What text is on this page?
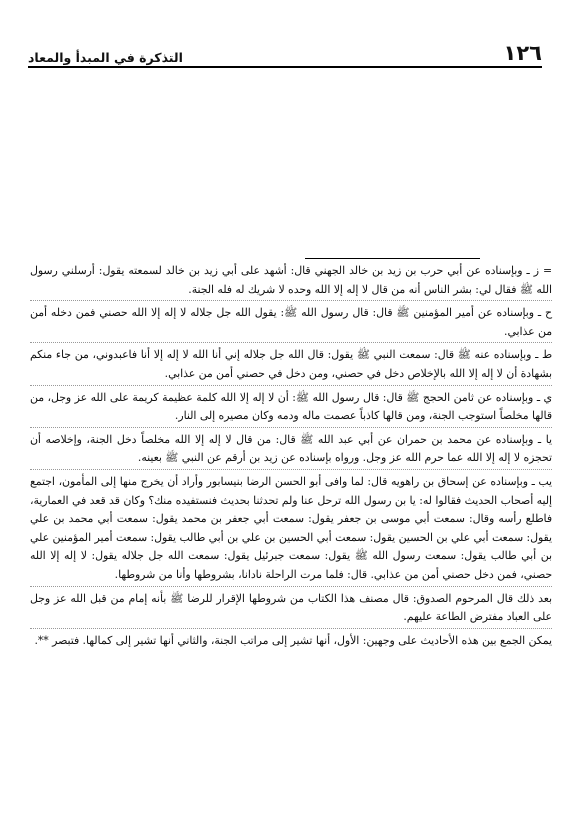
١٢٦
التذكرة في المبدأ والمعاد

= ز ـ وبإسناده عن أبي حرب بن زيد بن خالد الجهني قال: أشهد على أبي زيد بن خالد لسمعته يقول: أرسلني رسول الله ﷺ فقال لي: بشر الناس أنه من قال لا إله إلا الله وحده لا شريك له فله الجنة.

ح ـ وبإسناده عن أمير المؤمنين ﷺ قال: قال رسول الله ﷺ: يقول الله جل جلاله لا إله إلا الله حصني فمن دخله أمن من عذابي.

ط ـ وبإسناده عنه ﷺ قال: سمعت النبي ﷺ يقول: قال الله جل جلاله إني أنا الله لا إله إلا أنا فاعبدوني، من جاء منكم بشهادة أن لا إله إلا الله بالإخلاص دخل في حصني، ومن دخل في حصني أمن من عذابي.

ي ـ وبإسناده عن ثامن الحجج ﷺ قال: قال رسول الله ﷺ: أن لا إله إلا الله كلمة عظيمة كريمة على الله عز وجل، من قالها مخلصاً استوجب الجنة، ومن قالها كاذباً عصمت ماله ودمه وكان مصيره إلى النار.

يا ـ وبإسناده عن محمد بن حمران عن أبي عبد الله ﷺ قال: من قال لا إله إلا الله مخلصاً دخل الجنة، وإخلاصه أن تحجزه لا إله إلا الله عما حرم الله عز وجل. ورواه بإسناده عن زيد بن أرقم عن النبي ﷺ بعينه.

يب ـ وبإسناده عن إسحاق بن راهويه قال: لما وافى أبو الحسن الرضا بنيسابور وأراد أن يخرج منها إلى المأمون، اجتمع إليه أصحاب الحديث فقالوا له: يا بن رسول الله ترحل عنا ولم تحدثنا بحديث فنستفيده منك؟ وكان قد قعد في العمارية، فاطلع رأسه وقال: سمعت أبي موسى بن جعفر يقول: سمعت أبي جعفر بن محمد يقول: سمعت أبي محمد بن علي يقول: سمعت أبي علي بن الحسين يقول: سمعت أبي الحسين بن علي بن أبي طالب يقول: سمعت أمير المؤمنين علي بن أبي طالب يقول: سمعت رسول الله ﷺ يقول: سمعت جبرئيل يقول: سمعت الله جل جلاله يقول: لا إله إلا الله حصني، فمن دخل حصني أمن من عذابي. قال: فلما مرت الراحلة نادانا، بشروطها وأنا من شروطها.

بعد ذلك قال المرحوم الصدوق: قال مصنف هذا الكتاب من شروطها الإقرار للرضا ﷺ بأنه إمام من قبل الله عز وجل على العباد مفترض الطاعة عليهم.

يمكن الجمع بين هذه الأحاديث على وجهين: الأول، أنها تشير إلى مراتب الجنة، والثاني أنها تشير إلى كمالها. فتبصر **.
